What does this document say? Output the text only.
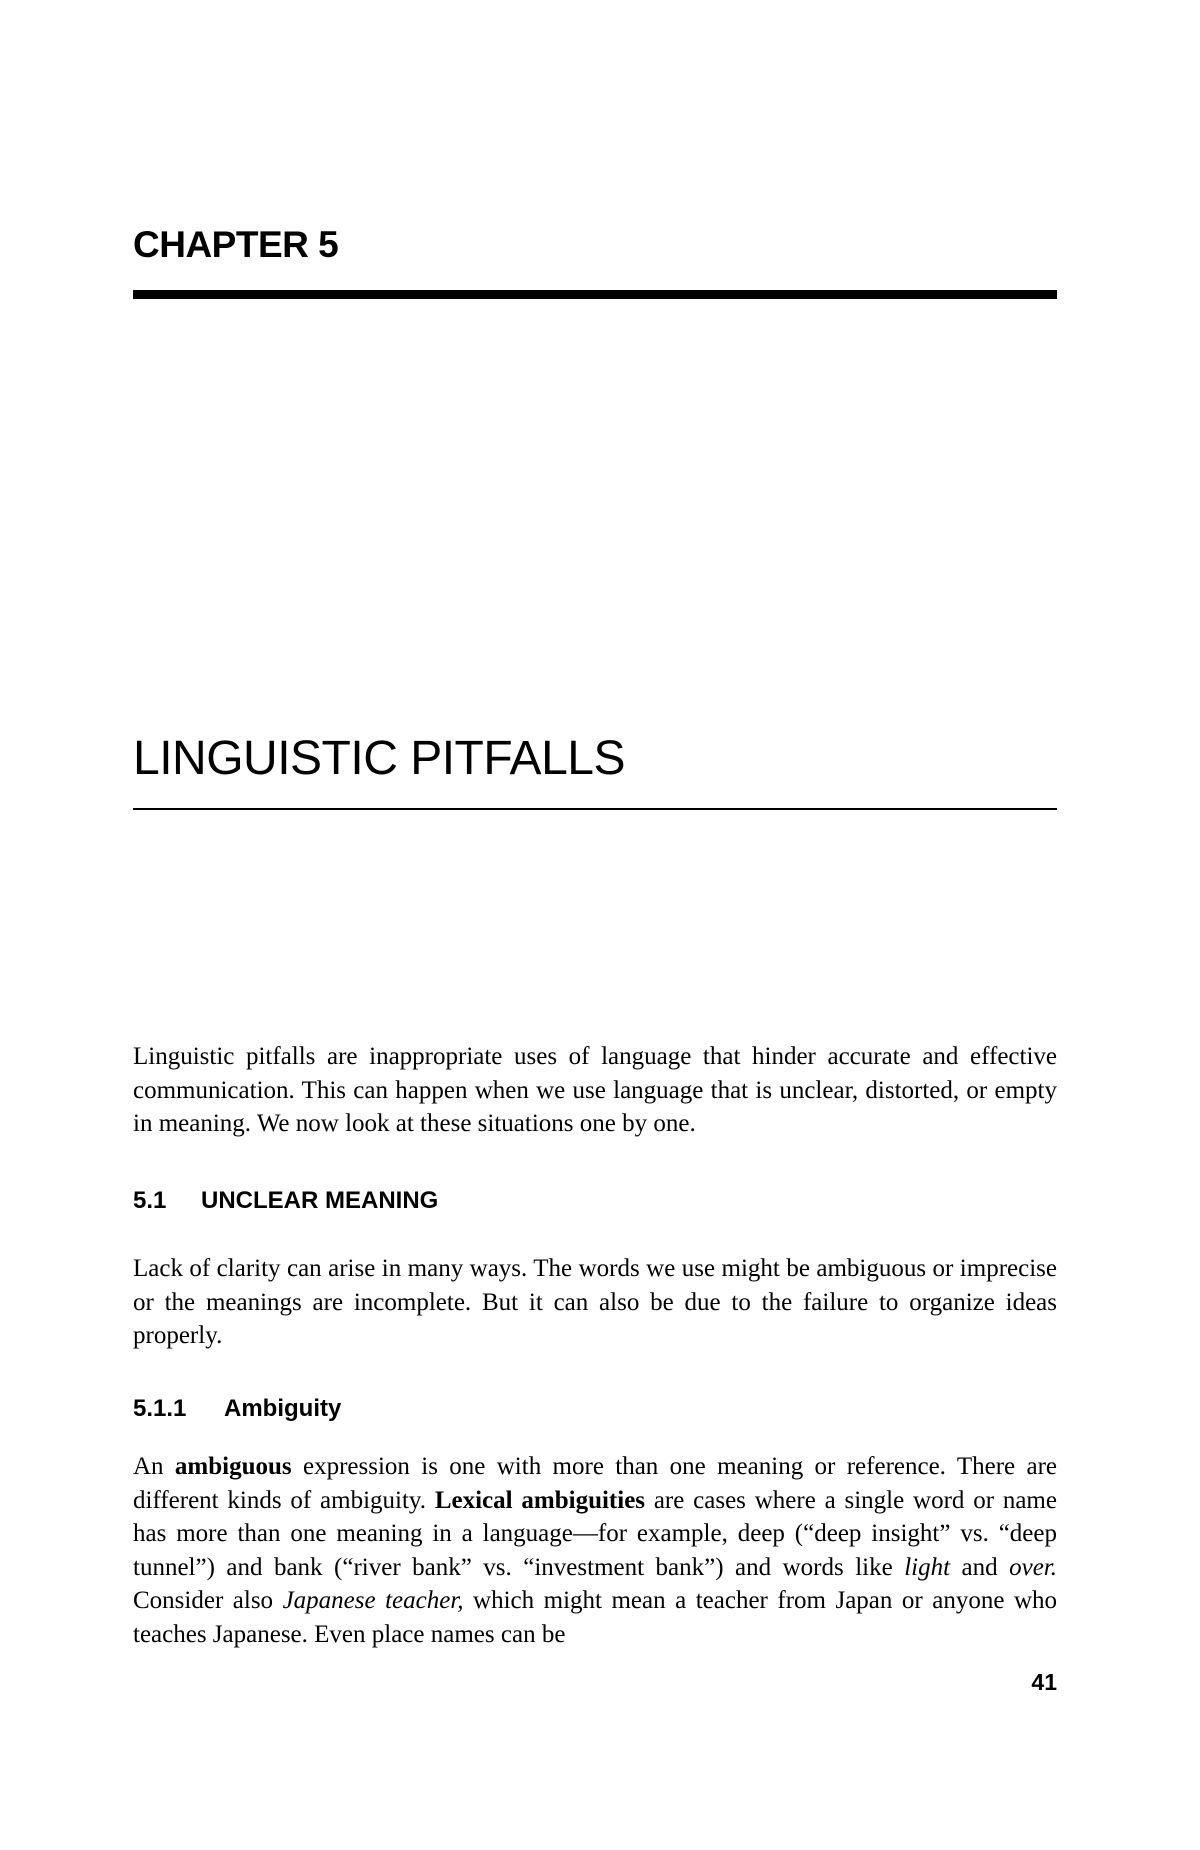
CHAPTER 5
LINGUISTIC PITFALLS

Linguistic pitfalls are inappropriate uses of language that hinder accurate and effective communication. This can happen when we use language that is unclear, distorted, or empty in meaning. We now look at these situations one by one.

5.1 UNCLEAR MEANING

Lack of clarity can arise in many ways. The words we use might be ambiguous or imprecise or the meanings are incomplete. But it can also be due to the failure to organize ideas properly.

5.1.1 Ambiguity

An ambiguous expression is one with more than one meaning or reference. There are different kinds of ambiguity. Lexical ambiguities are cases where a single word or name has more than one meaning in a language—for example, deep (“deep insight” vs. “deep tunnel”) and bank (“river bank” vs. “investment bank”) and words like light and over. Consider also Japanese teacher, which might mean a teacher from Japan or anyone who teaches Japanese. Even place names can be

41
